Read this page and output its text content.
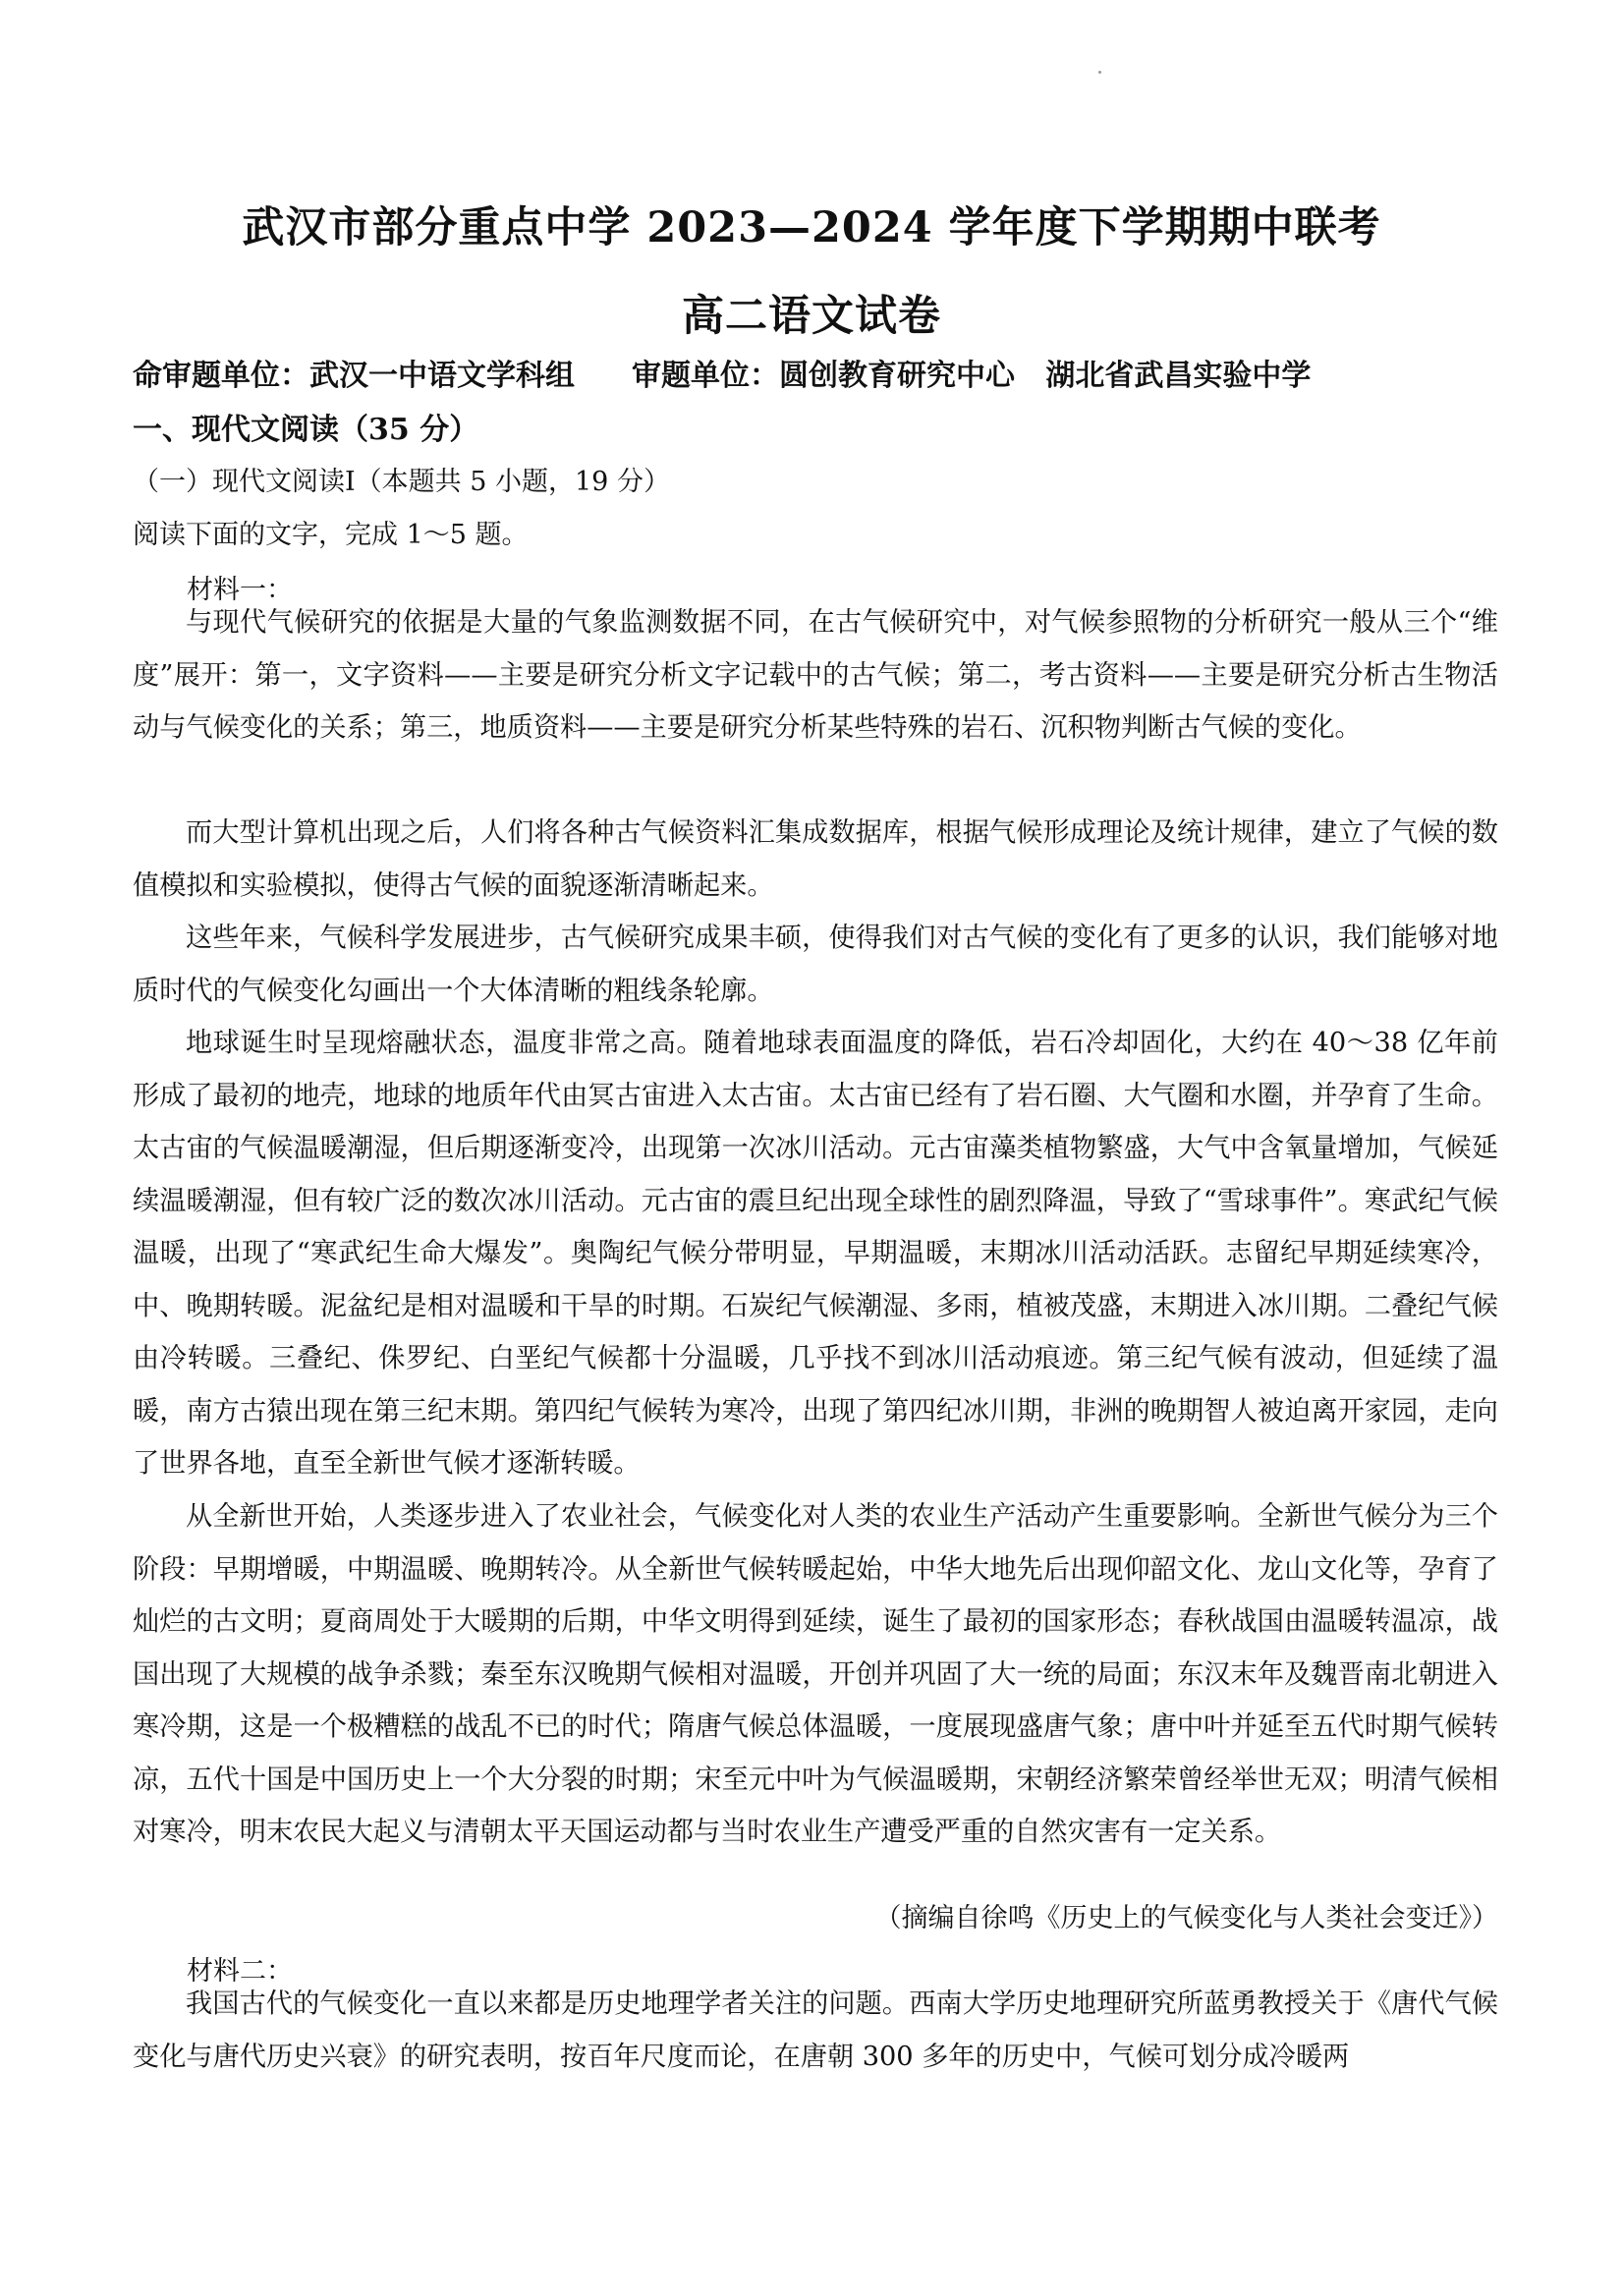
武汉市部分重点中学 2023—2024 学年度下学期期中联考
高二语文试卷
命审题单位：武汉一中语文学科组 审题单位：圆创教育研究中心   湖北省武昌实验中学
一、现代文阅读（35 分）
（一）现代文阅读Ⅰ（本题共 5 小题，19 分）
阅读下面的文字，完成 1～5 题。
材料一：

与现代气候研究的依据是大量的气象监测数据不同，在古气候研究中，对气候参照物的分析研究一般从三个“维度”展开：第一，文字资料——主要是研究分析文字记载中的古气候；第二，考古资料——主要是研究分析古生物活动与气候变化的关系；第三，地质资料——主要是研究分析某些特殊的岩石、沉积物判断古气候的变化。

而大型计算机出现之后，人们将各种古气候资料汇集成数据库，根据气候形成理论及统计规律，建立了气候的数值模拟和实验模拟，使得古气候的面貌逐渐清晰起来。

这些年来，气候科学发展进步，古气候研究成果丰硕，使得我们对古气候的变化有了更多的认识，我们能够对地质时代的气候变化勾画出一个大体清晰的粗线条轮廓。

地球诞生时呈现熔融状态，温度非常之高。随着地球表面温度的降低，岩石冷却固化，大约在 40～38 亿年前形成了最初的地壳，地球的地质年代由冥古宙进入太古宙。太古宙已经有了岩石圈、大气圈和水圈，并孕育了生命。太古宙的气候温暖潮湿，但后期逐渐变冷，出现第一次冰川活动。元古宙藻类植物繁盛，大气中含氧量增加，气候延续温暖潮湿，但有较广泛的数次冰川活动。元古宙的震旦纪出现全球性的剧烈降温，导致了“雪球事件”。寒武纪气候温暖，出现了“寒武纪生命大爆发”。奥陶纪气候分带明显，早期温暖，末期冰川活动活跃。志留纪早期延续寒冷，中、晚期转暖。泥盆纪是相对温暖和干旱的时期。石炭纪气候潮湿、多雨，植被茂盛，末期进入冰川期。二叠纪气候由冷转暖。三叠纪、侏罗纪、白垩纪气候都十分温暖，几乎找不到冰川活动痕迹。第三纪气候有波动，但延续了温暖，南方古猿出现在第三纪末期。第四纪气候转为寒冷，出现了第四纪冰川期，非洲的晚期智人被迫离开家园，走向了世界各地，直至全新世气候才逐渐转暖。

从全新世开始，人类逐步进入了农业社会，气候变化对人类的农业生产活动产生重要影响。全新世气候分为三个阶段：早期增暖，中期温暖、晚期转冷。从全新世气候转暖起始，中华大地先后出现仰韶文化、龙山文化等，孕育了灿烂的古文明；夏商周处于大暖期的后期，中华文明得到延续，诞生了最初的国家形态；春秋战国由温暖转温凉，战国出现了大规模的战争杀戮；秦至东汉晚期气候相对温暖，开创并巩固了大一统的局面；东汉末年及魏晋南北朝进入寒冷期，这是一个极糟糕的战乱不已的时代；隋唐气候总体温暖，一度展现盛唐气象；唐中叶并延至五代时期气候转凉，五代十国是中国历史上一个大分裂的时期；宋至元中叶为气候温暖期，宋朝经济繁荣曾经举世无双；明清气候相对寒冷，明末农民大起义与清朝太平天国运动都与当时农业生产遭受严重的自然灾害有一定关系。

（摘编自徐鸣《历史上的气候变化与人类社会变迁》）
材料二：

我国古代的气候变化一直以来都是历史地理学者关注的问题。西南大学历史地理研究所蓝勇教授关于《唐代气候变化与唐代历史兴衰》的研究表明，按百年尺度而论，在唐朝 300 多年的历史中，气候可划分成冷暖两
